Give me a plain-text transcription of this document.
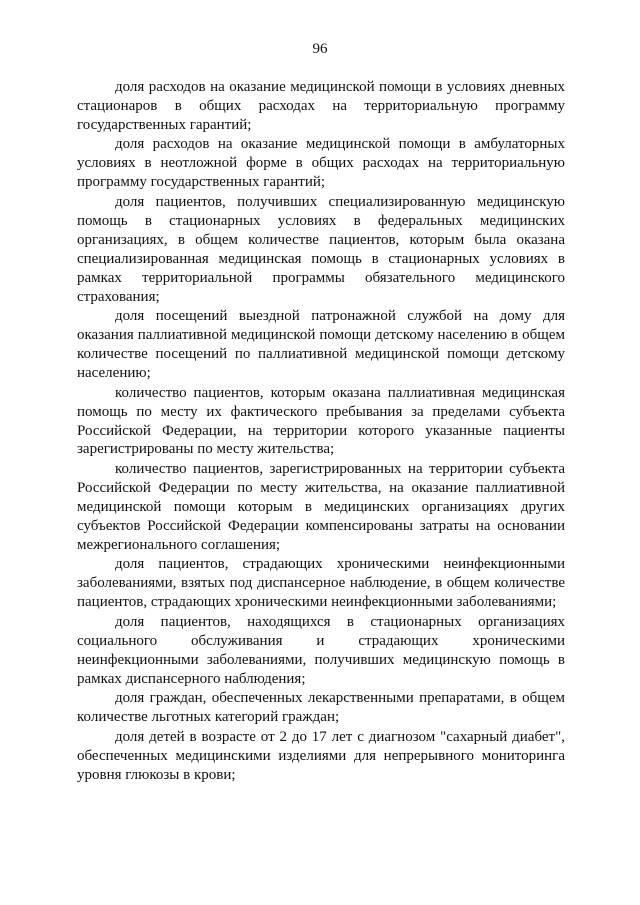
96

доля расходов на оказание медицинской помощи в условиях дневных стационаров в общих расходах на территориальную программу государственных гарантий;

доля расходов на оказание медицинской помощи в амбулаторных условиях в неотложной форме в общих расходах на территориальную программу государственных гарантий;

доля пациентов, получивших специализированную медицинскую помощь в стационарных условиях в федеральных медицинских организациях, в общем количестве пациентов, которым была оказана специализированная медицинская помощь в стационарных условиях в рамках территориальной программы обязательного медицинского страхования;

доля посещений выездной патронажной службой на дому для оказания паллиативной медицинской помощи детскому населению в общем количестве посещений по паллиативной медицинской помощи детскому населению;

количество пациентов, которым оказана паллиативная медицинская помощь по месту их фактического пребывания за пределами субъекта Российской Федерации, на территории которого указанные пациенты зарегистрированы по месту жительства;

количество пациентов, зарегистрированных на территории субъекта Российской Федерации по месту жительства, на оказание паллиативной медицинской помощи которым в медицинских организациях других субъектов Российской Федерации компенсированы затраты на основании межрегионального соглашения;

доля пациентов, страдающих хроническими неинфекционными заболеваниями, взятых под диспансерное наблюдение, в общем количестве пациентов, страдающих хроническими неинфекционными заболеваниями;

доля пациентов, находящихся в стационарных организациях социального обслуживания и страдающих хроническими неинфекционными заболеваниями, получивших медицинскую помощь в рамках диспансерного наблюдения;

доля граждан, обеспеченных лекарственными препаратами, в общем количестве льготных категорий граждан;

доля детей в возрасте от 2 до 17 лет с диагнозом "сахарный диабет", обеспеченных медицинскими изделиями для непрерывного мониторинга уровня глюкозы в крови;
